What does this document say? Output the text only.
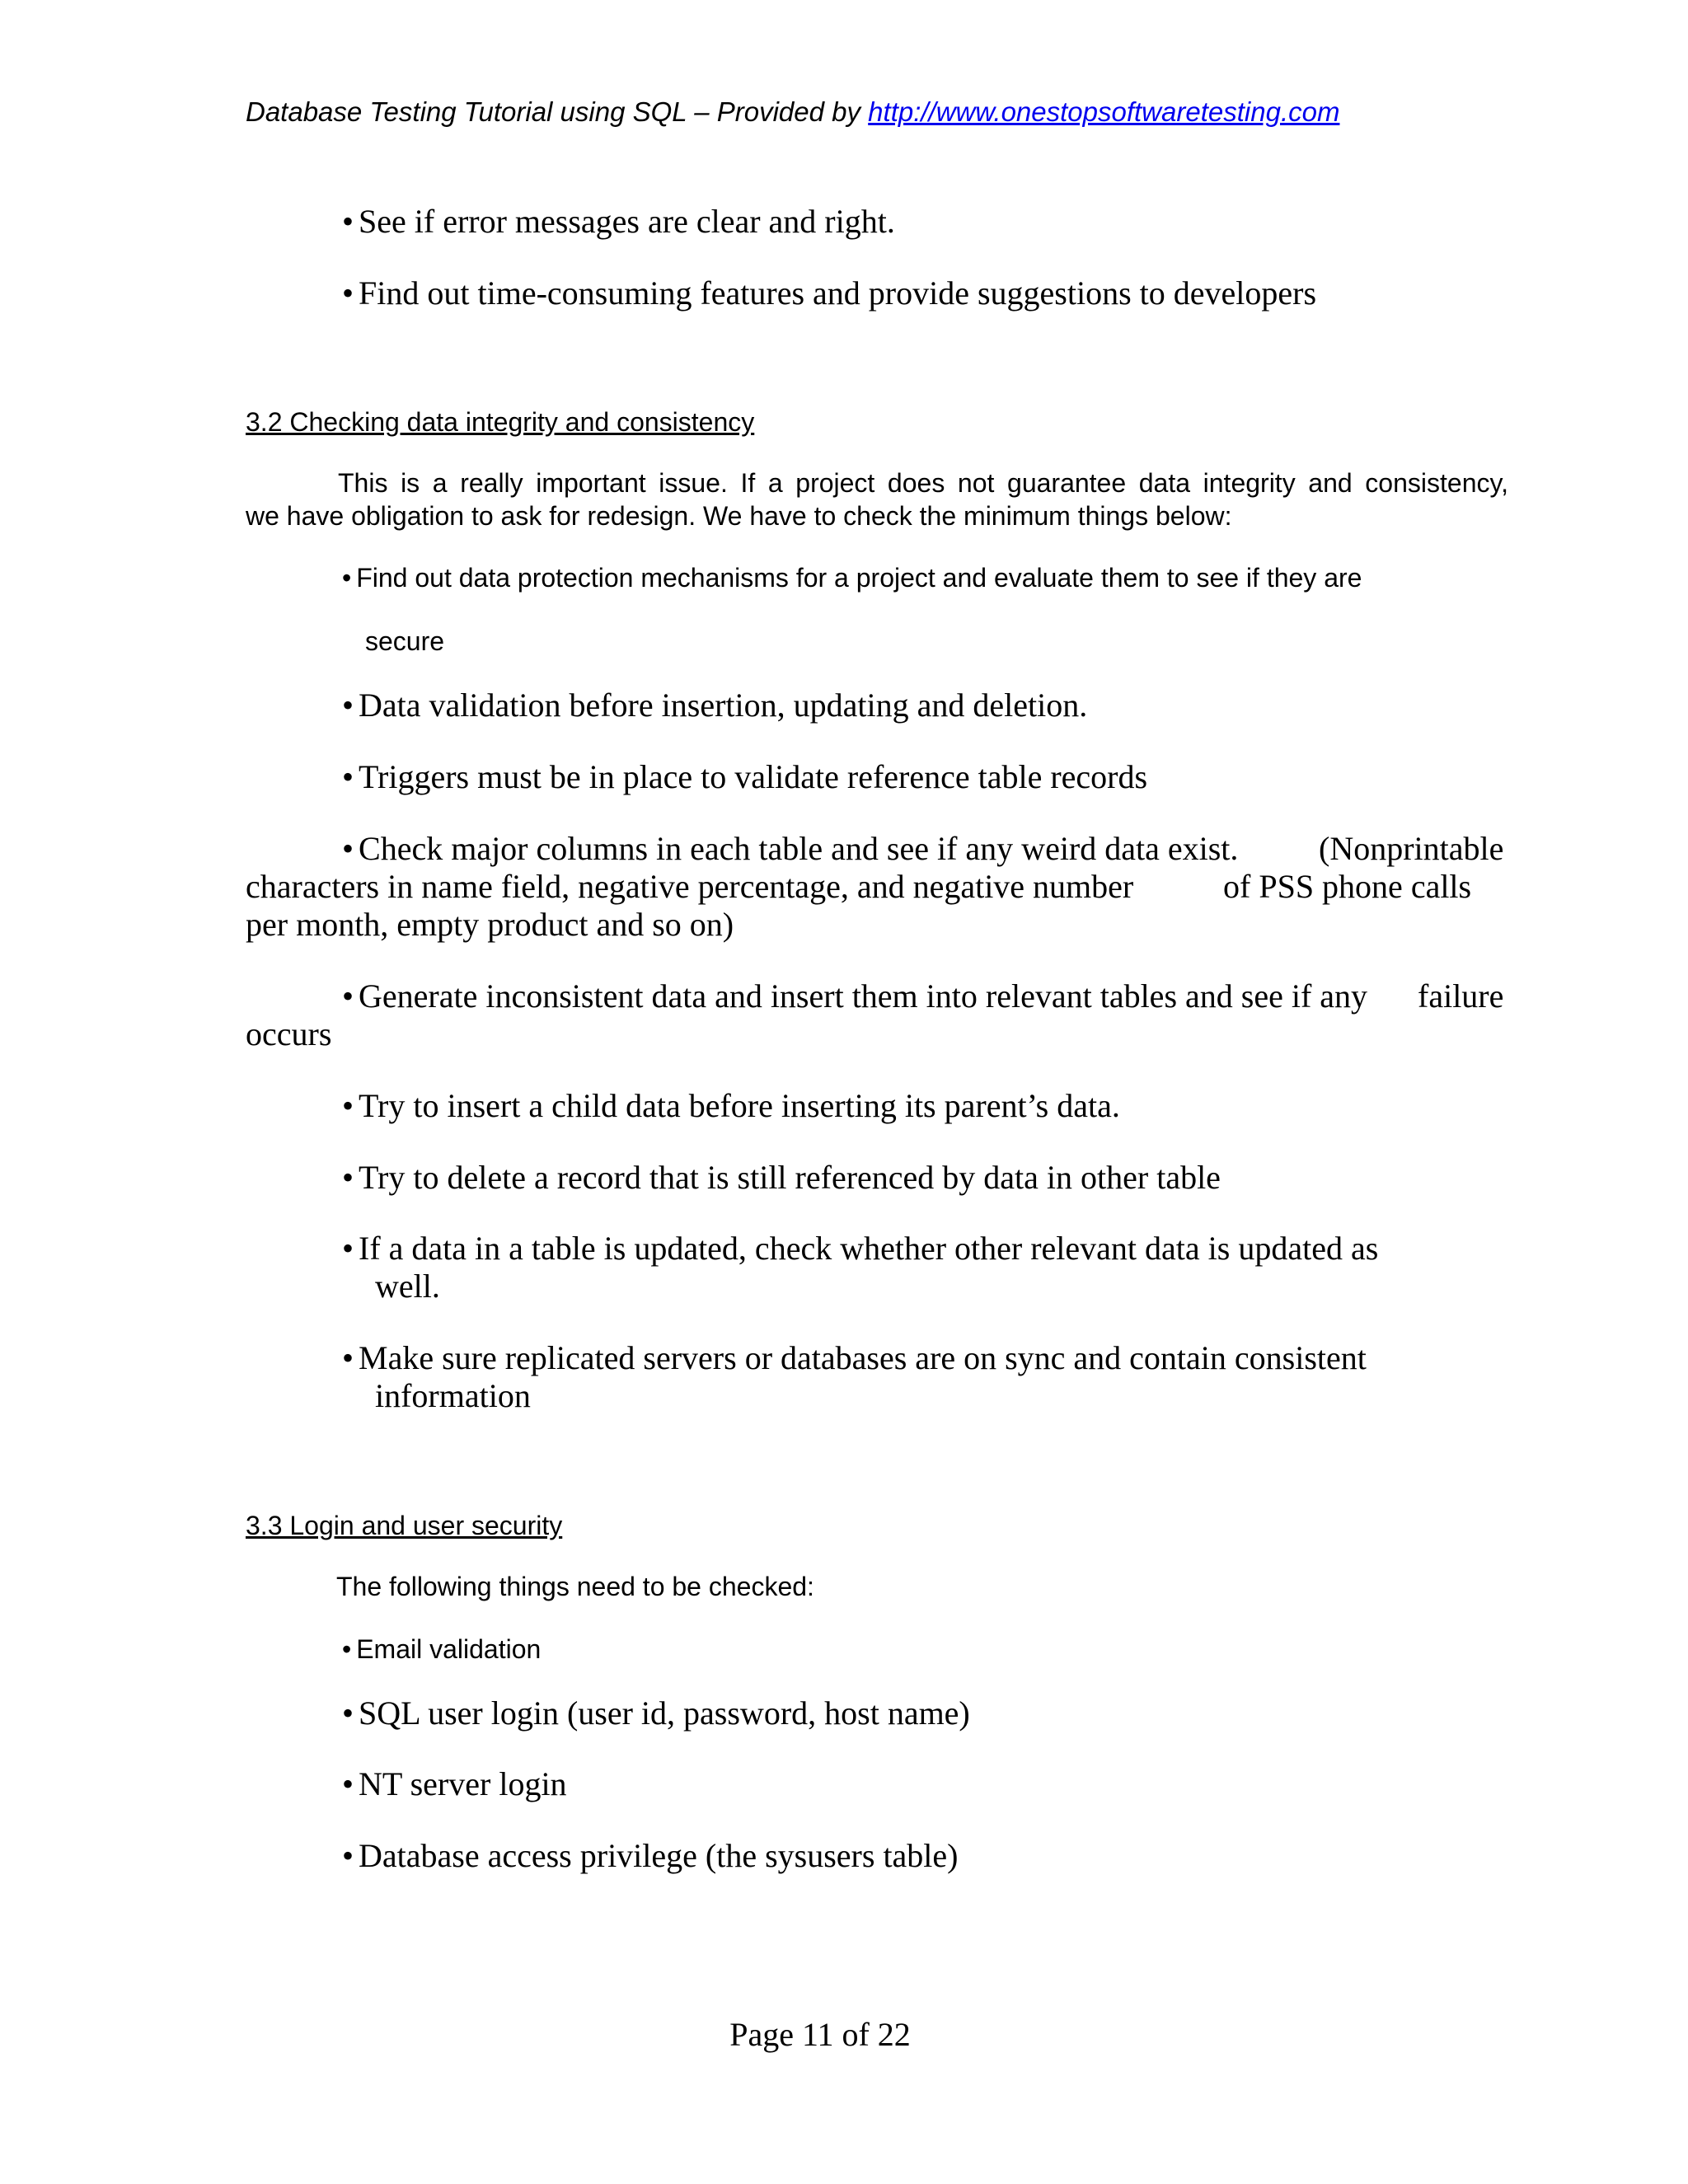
Database Testing Tutorial using SQL – Provided by http://www.onestopsoftwaretesting.com
• See if error messages are clear and right.
• Find out time-consuming features and provide suggestions to developers
3.2 Checking data integrity and consistency
This is a really important issue. If a project does not guarantee data integrity and consistency,
we have obligation to ask for redesign. We have to check the minimum things below:
• Find out data protection mechanisms for a project and evaluate them to see if they are
secure
• Data validation before insertion, updating and deletion.
• Triggers must be in place to validate reference table records
• Check major columns in each table and see if any weird data exist. (Nonprintable
characters in name field, negative percentage, and negative number	of PSS phone calls
per month, empty product and so on)
• Generate inconsistent data and insert them into relevant tables and see if any failure
occurs
• Try to insert a child data before inserting its parent’s data.
• Try to delete a record that is still referenced by data in other table
• If a data in a table is updated, check whether other relevant data is updated as
well.
• Make sure replicated servers or databases are on sync and contain consistent
information
3.3 Login and user security
The following things need to be checked:
• Email validation
• SQL user login (user id, password, host name)
• NT server login
• Database access privilege (the sysusers table)
Page 11 of 22
